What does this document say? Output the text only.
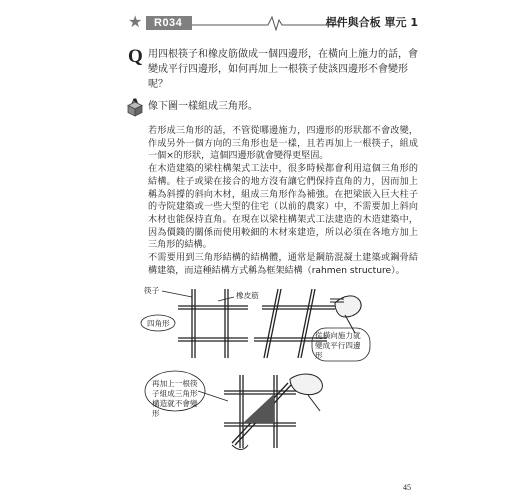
★	R034	桿件與合板 單元 1
Q 用四根筷子和橡皮筋做成一個四邊形，在橫向上施力的話，會變成平行四邊形，如何再加上一根筷子使該四邊形不會變形呢？
像下圖一樣組成三角形。

若形成三角形的話，不管從哪邊施力，四邊形的形狀都不會改變，作成另外一個方向的三角形也是一樣，且若再加上一根筷子，組成一個×的形狀，這個四邊形就會變得更堅固。

在木造建築的梁柱構架式工法中，很多時候都會利用這個三角形的結構。柱子或梁在接合的地方沒有讓它們保持直角的力，因而加上稱為斜撐的斜向木材，組成三角形作為補強。在把梁嵌入巨大柱子的寺院建築或一些大型的住宅（以前的農家）中，不需要加上斜向木材也能保持直角。在現在以梁柱構架式工法建造的木造建築中，因為價錢的關係而使用較細的木材來建造，所以必須在各地方加上三角形的結構。

不需要用到三角形結構的結構體，通常是鋼筋混凝土建築或鋼骨結構建築，而這種結構方式稱為框架結構（rahmen structure）。

筷子
橡皮筋
四角形
從橫向施力就變成平行四邊形
再加上一根筷子組成三角形構造就不會變形
45
